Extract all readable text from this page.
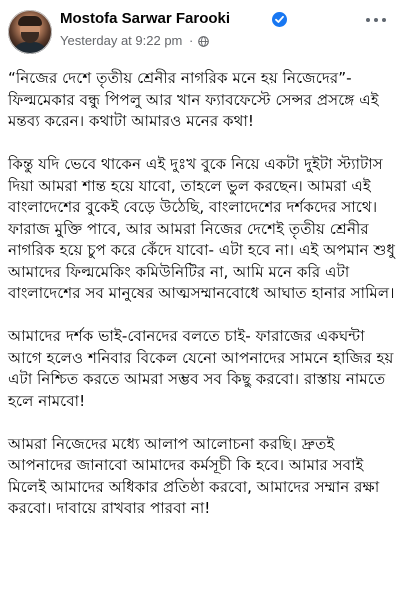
Mostofa Sarwar Farooki
Yesterday at 9:22 pm ·

“নিজের দেশে তৃতীয় শ্রেনীর নাগরিক মনে হয় নিজেদের”- ফিল্মমেকার বন্ধু পিপলু আর খান ফ্যাবফেস্টে সেন্সর প্রসঙ্গে এই মন্তব্য করেন। কথাটা আমারও মনের কথা!

কিন্তু যদি ভেবে থাকেন এই দুঃখ বুকে নিয়ে একটা দুইটা স্ট্যাটাস দিয়া আমরা শান্ত হয়ে যাবো, তাহলে ভুল করছেন। আমরা এই বাংলাদেশের বুকেই বেড়ে উঠেছি, বাংলাদেশের দর্শকদের সাথে। ফারাজ মুক্তি পাবে, আর আমরা নিজের দেশেই তৃতীয় শ্রেনীর নাগরিক হয়ে চুপ করে কেঁদে যাবো- এটা হবে না। এই অপমান শুধু আমাদের ফিল্মমেকিং কমিউনিটির না, আমি মনে করি এটা বাংলাদেশের সব মানুষের আত্মসম্মানবোধে আঘাত হানার সামিল।

আমাদের দর্শক ভাই-বোনদের বলতে চাই- ফারাজের একঘন্টা আগে হলেও শনিবার বিকেল যেনো আপনাদের সামনে হাজির হয় এটা নিশ্চিত করতে আমরা সম্ভব সব কিছু করবো। রাস্তায় নামতে হলে নামবো!

আমরা নিজেদের মধ্যে আলাপ আলোচনা করছি। দ্রুতই আপনাদের জানাবো আমাদের কর্মসূচী কি হবে। আমার সবাই মিলেই আমাদের অধিকার প্রতিষ্ঠা করবো, আমাদের সম্মান রক্ষা করবো। দাবায়ে রাখবার পারবা না!
